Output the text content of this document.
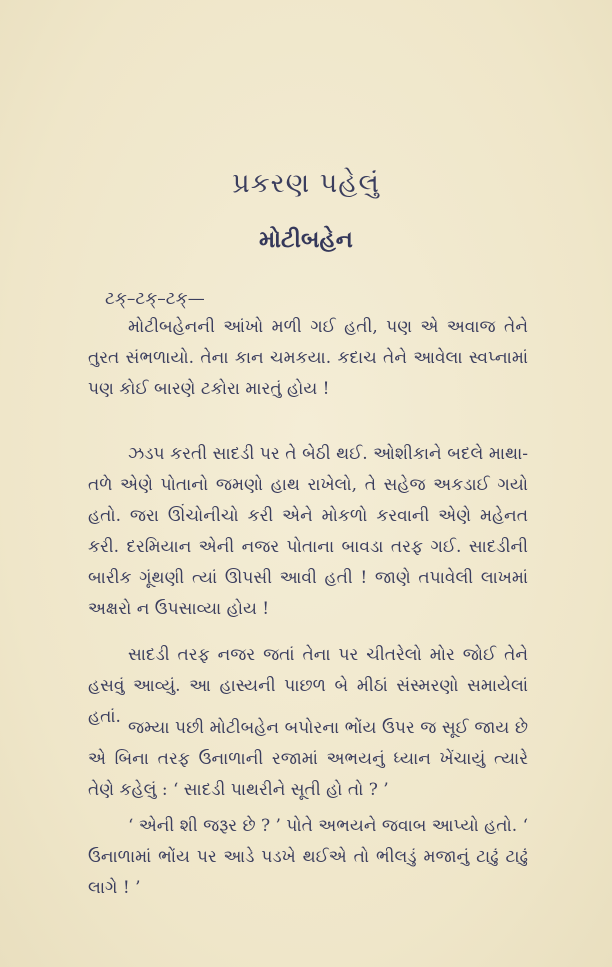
પ્રકરણ પહેલું
મોટીબહેન
ટક્–ટક્–ટક્—

મોટીબહેનની આંખો મળી ગઈ હતી, પણ એ અવાજ તેને તુરત સંભળાયો. તેના કાન ચમકયા. કદાચ તેને આવેલા સ્વપ્નામાં પણ કોઈ બારણે ટકોરા મારતું હોય !

ઝડપ કરતી સાદડી પર તે બેઠી થઈ. ઓશીકાને બદલે માથા-તળે એણે પોતાનો જમણો હાથ રાખેલો, તે સહેજ અકડાઈ ગયો હતો. જરા ઊંચોનીચો કરી એને મોકળો કરવાની એણે મહેનત કરી. દરમિયાન એની નજર પોતાના બાવડા તરફ ગઈ. સાદડીની બારીક ગૂંથણી ત્યાં ઊપસી આવી હતી ! જાણે તપાવેલી લાખમાં અક્ષરો ન ઉપસાવ્યા હોય !

સાદડી તરફ નજર જતાં તેના પર ચીતરેલો મોર જોઈ તેને હસવું આવ્યું. આ હાસ્યની પાછળ બે મીઠાં સંસ્મરણો સમાયેલાં હતાં.

જમ્યા પછી મોટીબહેન બપોરના ભોંય ઉપર જ સૂઈ જાય છે એ બિના તરફ ઉનાળાની રજામાં અભયનું ધ્યાન ખેંચાયું ત્યારે તેણે કહેલું : ‘ સાદડી પાથરીને સૂતી હો તો ? ’

‘ એની શી જરૂર છે ? ’ પોતે અભયને જવાબ આપ્યો હતો. ‘ ઉનાળામાં ભોંય પર આડે પડખે થઈએ તો ભીલડું મજાનું ટાઢું ટાઢું લાગે ! ’
